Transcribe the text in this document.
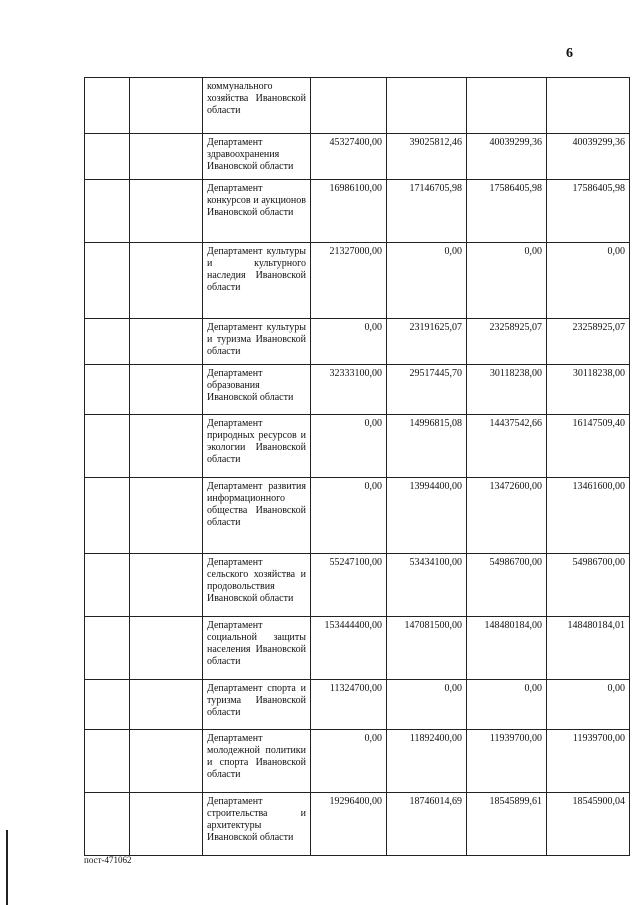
6
		коммунального хозяйства Ивановской области				
		Департамент здравоохранения Ивановской области	45327400,00	39025812,46	40039299,36	40039299,36
		Департамент конкурсов и аукционов Ивановской области	16986100,00	17146705,98	17586405,98	17586405,98
		Департамент культуры и культурного наследия Ивановской области	21327000,00	0,00	0,00	0,00
		Департамент культуры и туризма Ивановской области	0,00	23191625,07	23258925,07	23258925,07
		Департамент образования Ивановской области	32333100,00	29517445,70	30118238,00	30118238,00
		Департамент природных ресурсов и экологии Ивановской области	0,00	14996815,08	14437542,66	16147509,40
		Департамент развития информационного общества Ивановской области	0,00	13994400,00	13472600,00	13461600,00
		Департамент сельского хозяйства и продовольствия Ивановской области	55247100,00	53434100,00	54986700,00	54986700,00
		Департамент социальной защиты населения Ивановской области	153444400,00	147081500,00	148480184,00	148480184,01
		Департамент спорта и туризма Ивановской области	11324700,00	0,00	0,00	0,00
		Департамент молодежной политики и спорта Ивановской области	0,00	11892400,00	11939700,00	11939700,00
		Департамент строительства и архитектуры Ивановской области	19296400,00	18746014,69	18545899,61	18545900,04
пост-471062
